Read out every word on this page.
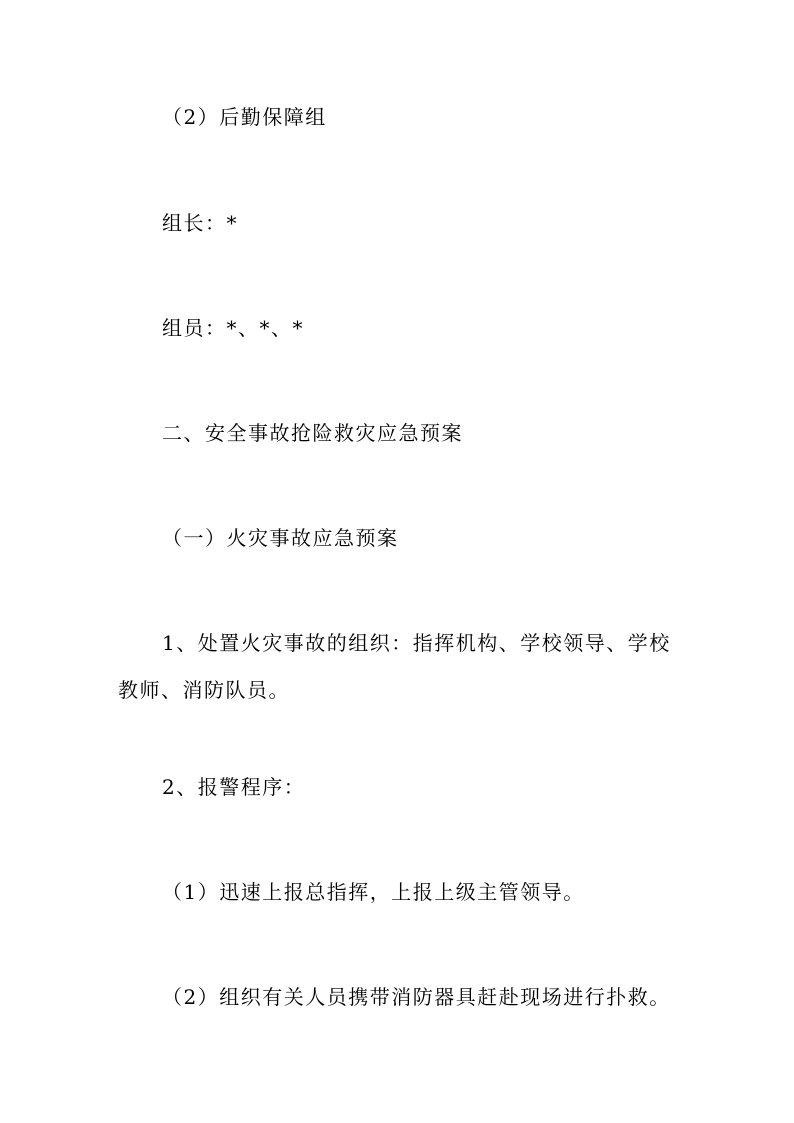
（2）后勤保障组

组长：*

组员：*、*、*

二、安全事故抢险救灾应急预案

（一）火灾事故应急预案

1、处置火灾事故的组织：指挥机构、学校领导、学校教师、消防队员。

2、报警程序：

（1）迅速上报总指挥，上报上级主管领导。

（2）组织有关人员携带消防器具赶赴现场进行扑救。
